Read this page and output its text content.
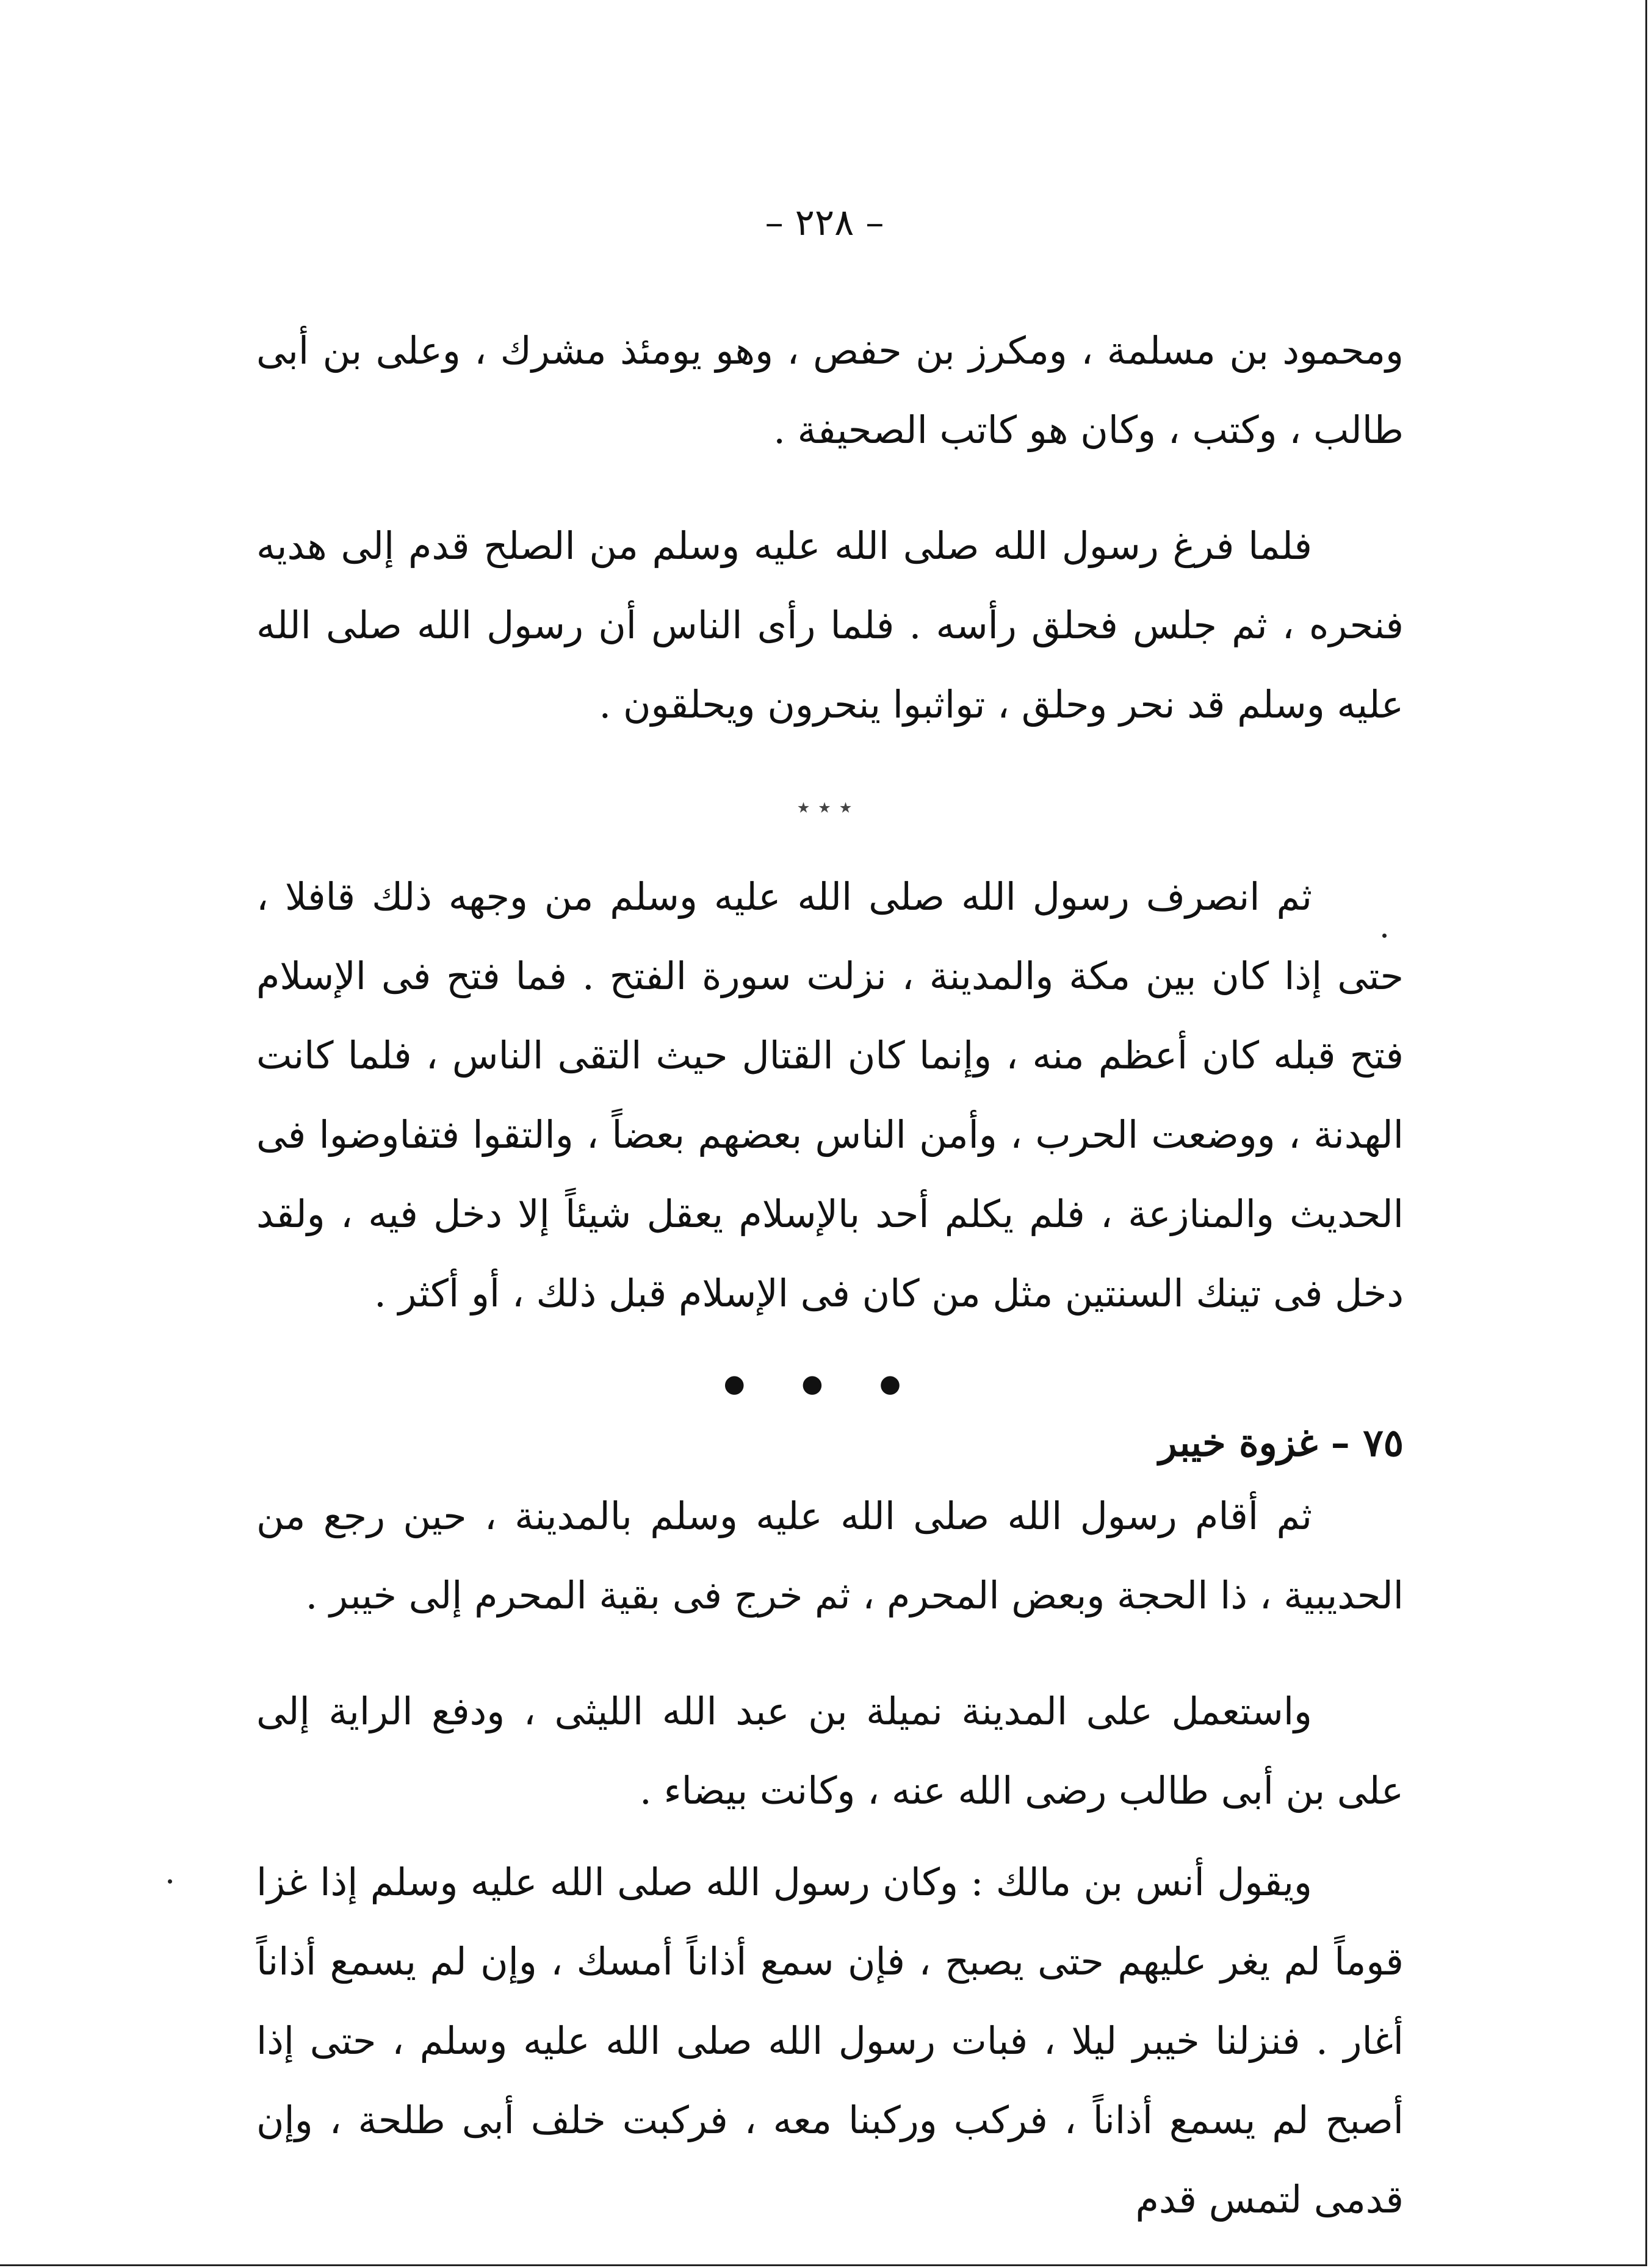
– ٢٢٨ –

ومحمود بن مسلمة ، ومكرز بن حفص ، وهو يومئذ مشرك ، وعلى بن أبى طالب ، وكتب ، وكان هو كاتب الصحيفة .

فلما فرغ رسول الله صلى الله عليه وسلم من الصلح قدم إلى هديه فنحره ، ثم جلس فحلق رأسه . فلما رأى الناس أن رسول الله صلى الله عليه وسلم قد نحر وحلق ، تواثبوا ينحرون ويحلقون .

٭ ٭ ٭

ثم انصرف رسول الله صلى الله عليه وسلم من وجهه ذلك قافلا ، حتى إذا كان بين مكة والمدينة ، نزلت سورة الفتح . فما فتح فى الإسلام فتح قبله كان أعظم منه ، وإنما كان القتال حيث التقى الناس ، فلما كانت الهدنة ، ووضعت الحرب ، وأمن الناس بعضهم بعضاً ، والتقوا فتفاوضوا فى الحديث والمنازعة ، فلم يكلم أحد بالإسلام يعقل شيئاً إلا دخل فيه ، ولقد دخل فى تينك السنتين مثل من كان فى الإسلام قبل ذلك ، أو أكثر .

● ● ●
٧٥ – غزوة خيبر

ثم أقام رسول الله صلى الله عليه وسلم بالمدينة ، حين رجع من الحديبية ، ذا الحجة وبعض المحرم ، ثم خرج فى بقية المحرم إلى خيبر .

واستعمل على المدينة نميلة بن عبد الله الليثى ، ودفع الراية إلى على بن أبى طالب رضى الله عنه ، وكانت بيضاء .

ويقول أنس بن مالك : وكان رسول الله صلى الله عليه وسلم إذا غزا قوماً لم يغر عليهم حتى يصبح ، فإن سمع أذاناً أمسك ، وإن لم يسمع أذاناً أغار . فنزلنا خيبر ليلا ، فبات رسول الله صلى الله عليه وسلم ، حتى إذا أصبح لم يسمع أذاناً ، فركب وركبنا معه ، فركبت خلف أبى طلحة ، وإن قدمى لتمس قدم
